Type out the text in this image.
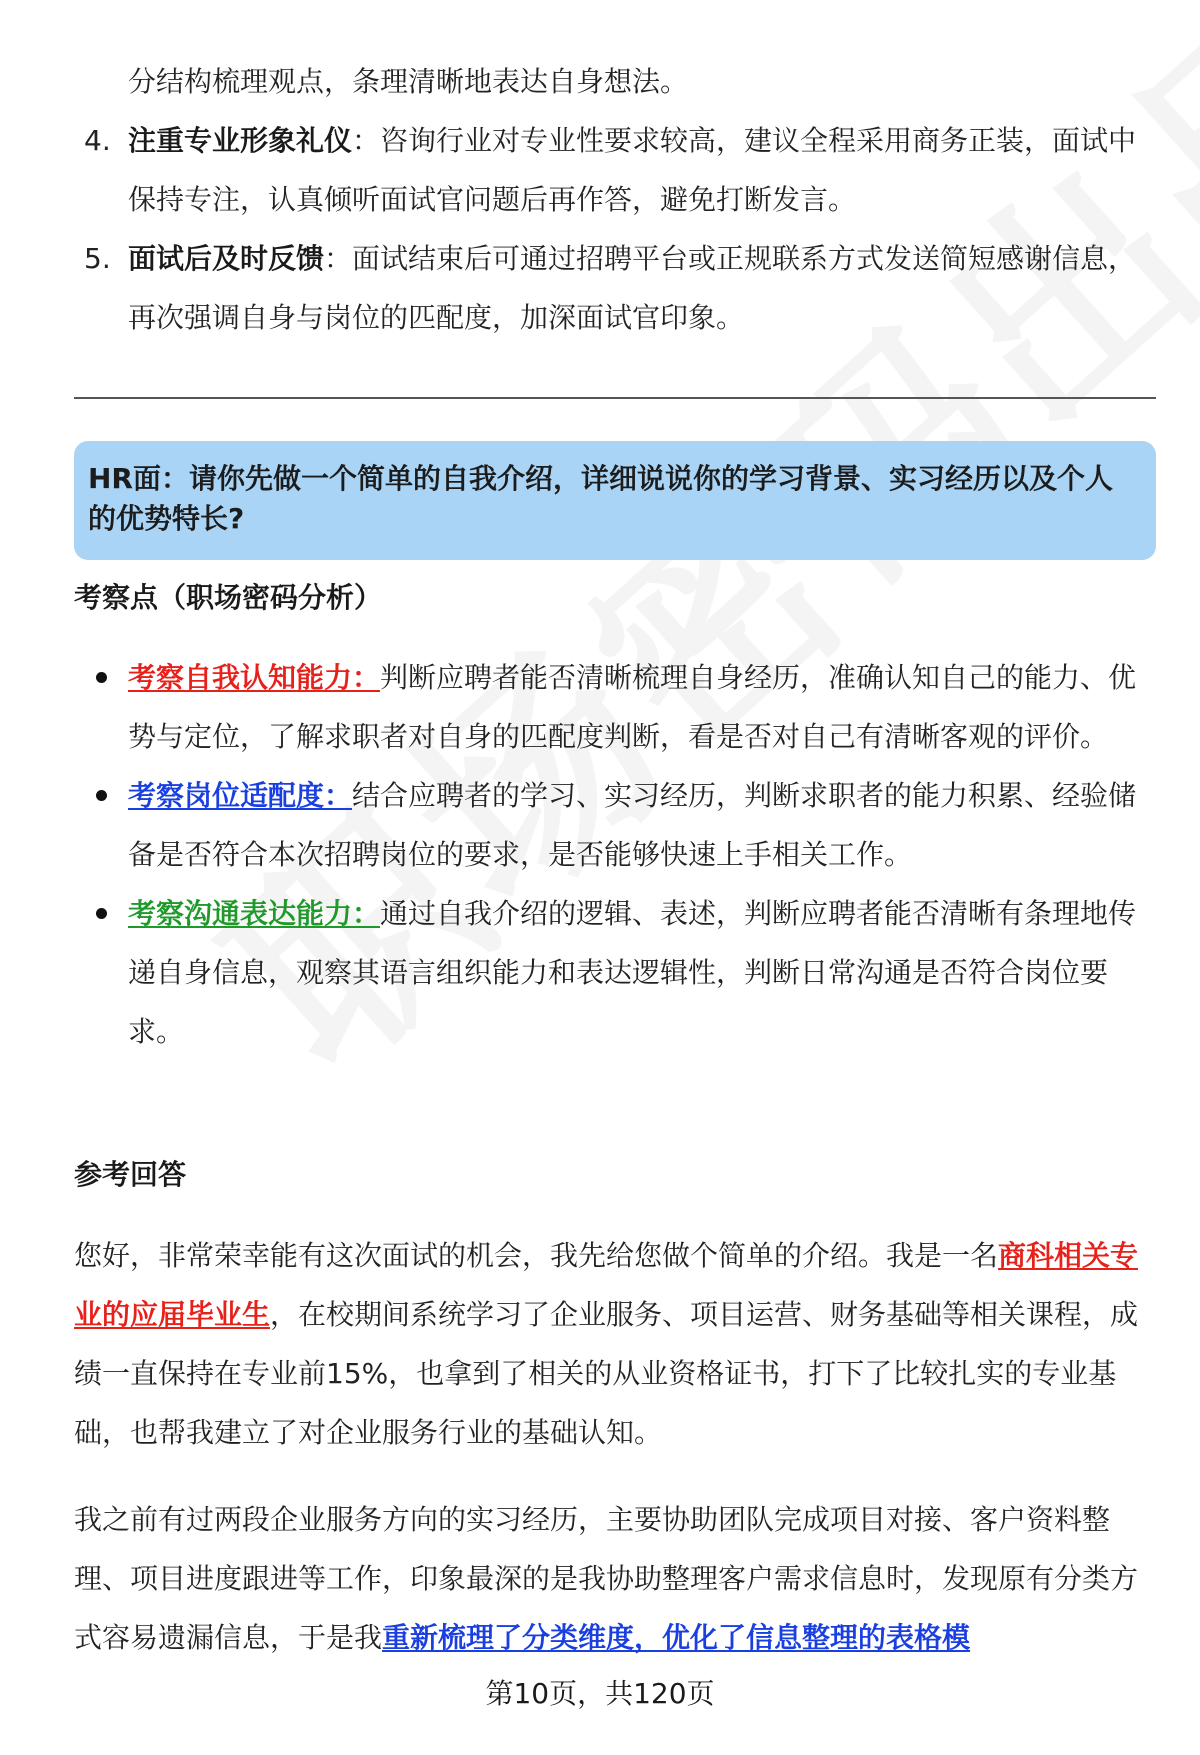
分结构梳理观点，条理清晰地表达自身想法。
4. 注重专业形象礼仪：咨询行业对专业性要求较高，建议全程采用商务正装，面试中保持专注，认真倾听面试官问题后再作答，避免打断发言。
5. 面试后及时反馈：面试结束后可通过招聘平台或正规联系方式发送简短感谢信息，再次强调自身与岗位的匹配度，加深面试官印象。
HR面：请你先做一个简单的自我介绍，详细说说你的学习背景、实习经历以及个人的优势特长?
考察点（职场密码分析）
考察自我认知能力：判断应聘者能否清晰梳理自身经历，准确认知自己的能力、优势与定位，了解求职者对自身的匹配度判断，看是否对自己有清晰客观的评价。
考察岗位适配度：结合应聘者的学习、实习经历，判断求职者的能力积累、经验储备是否符合本次招聘岗位的要求，是否能够快速上手相关工作。
考察沟通表达能力：通过自我介绍的逻辑、表述，判断应聘者能否清晰有条理地传递自身信息，观察其语言组织能力和表达逻辑性，判断日常沟通是否符合岗位要求。
参考回答
您好，非常荣幸能有这次面试的机会，我先给您做个简单的介绍。我是一名商科相关专业的应届毕业生，在校期间系统学习了企业服务、项目运营、财务基础等相关课程，成绩一直保持在专业前15%，也拿到了相关的从业资格证书，打下了比较扎实的专业基础，也帮我建立了对企业服务行业的基础认知。
我之前有过两段企业服务方向的实习经历，主要协助团队完成项目对接、客户资料整理、项目进度跟进等工作，印象最深的是我协助整理客户需求信息时，发现原有分类方式容易遗漏信息，于是我重新梳理了分类维度，优化了信息整理的表格模
第10页，共120页
